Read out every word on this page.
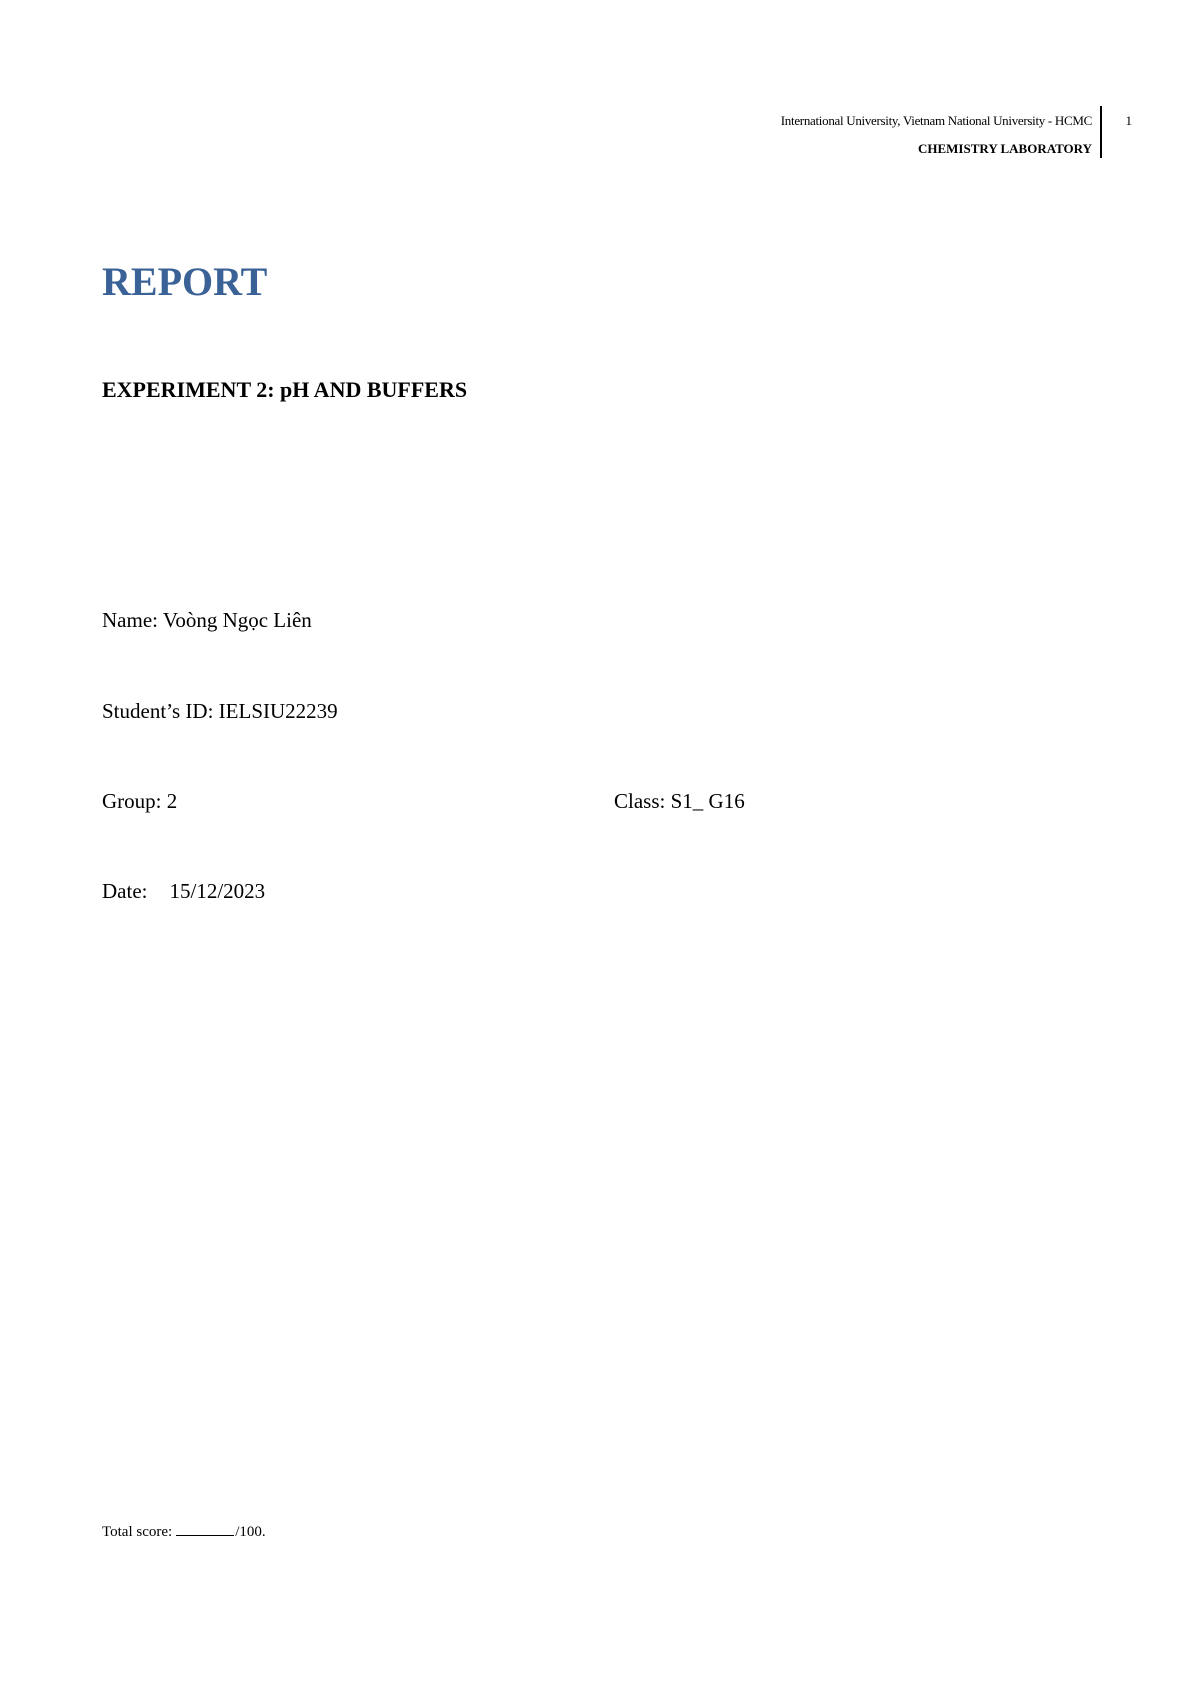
International University, Vietnam National University - HCMC
CHEMISTRY LABORATORY
1
REPORT
EXPERIMENT 2: pH AND BUFFERS
Name: Voòng Ngọc Liên
Student’s ID: IELSIU22239
Group: 2	Class: S1_ G16
Date: 15/12/2023
Total score:	/100.
